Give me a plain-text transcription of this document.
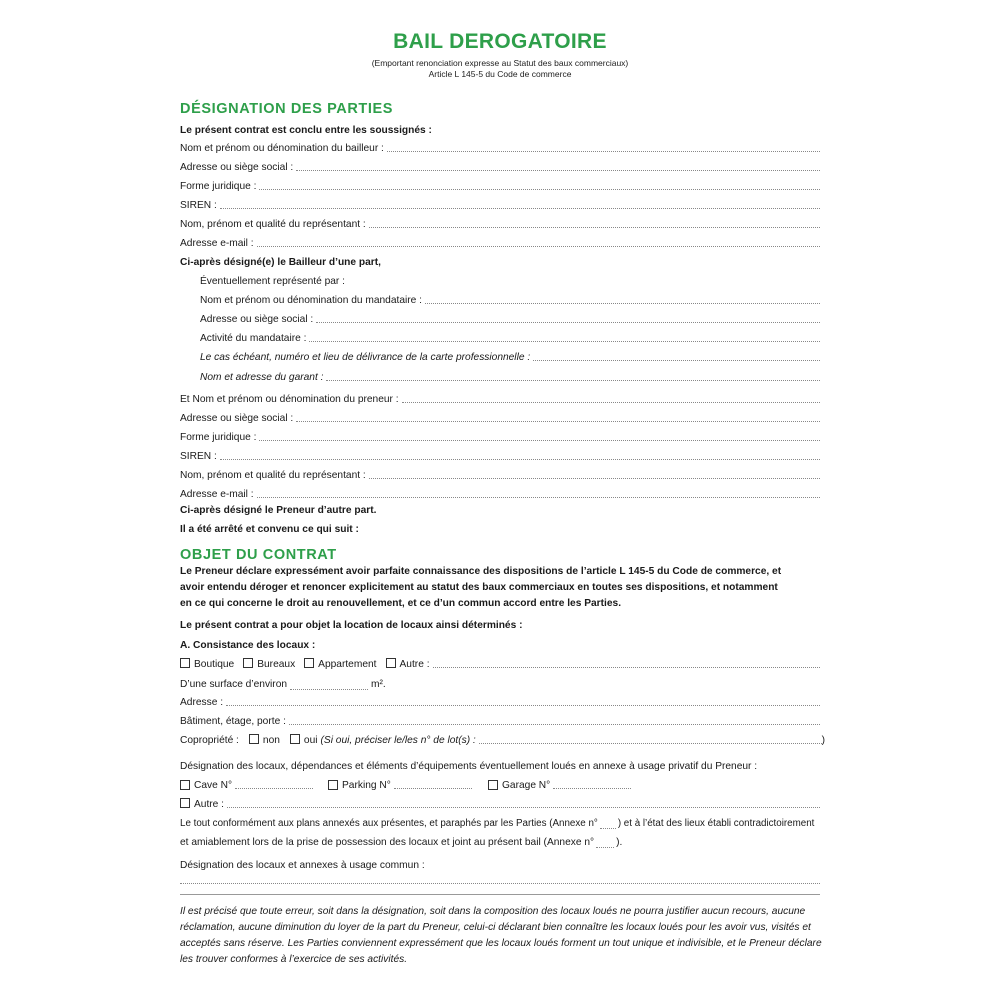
BAIL DEROGATOIRE
(Emportant renonciation expresse au Statut des baux commerciaux)
Article L 145-5 du Code de commerce
DÉSIGNATION DES PARTIES
Le présent contrat est conclu entre les soussignés :
Nom et prénom ou dénomination du bailleur :
Adresse ou siège social :
Forme juridique :
SIREN :
Nom, prénom et qualité du représentant :
Adresse e-mail :
Ci-après désigné(e) le Bailleur d’une part,
Éventuellement représenté par :
Nom et prénom ou dénomination du mandataire :
Adresse ou siège social :
Activité du mandataire :
Le cas échéant, numéro et lieu de délivrance de la carte professionnelle :
Nom et adresse du garant :
Et Nom et prénom ou dénomination du preneur :
Adresse ou siège social :
Forme juridique :
SIREN :
Nom, prénom et qualité du représentant :
Adresse e-mail :
Ci-après désigné le Preneur d’autre part.
Il a été arrêté et convenu ce qui suit :
OBJET DU CONTRAT
Le Preneur déclare expressément avoir parfaite connaissance des dispositions de l’article L 145-5 du Code de commerce, et
avoir entendu déroger et renoncer explicitement au statut des baux commerciaux en toutes ses dispositions, et notamment
en ce qui concerne le droit au renouvellement, et ce d’un commun accord entre les Parties.
Le présent contrat a pour objet la location de locaux ainsi déterminés :
A. Consistance des locaux :
Boutique	Bureaux	Appartement	Autre :
D’une surface d’environ	m².
Adresse :
Bâtiment, étage, porte :
Copropriété :	non	oui (Si oui, préciser le/les n° de lot(s) :	)
Désignation des locaux, dépendances et éléments d’équipements éventuellement loués en annexe à usage privatif du Preneur :
Cave N°	Parking N°	Garage N°
Autre :
Le tout conformément aux plans annexés aux présentes, et paraphés par les Parties (Annexe n° ) et à l’état des lieux établi contradictoirement
et amiablement lors de la prise de possession des locaux et joint au présent bail (Annexe n° ).
Désignation des locaux et annexes à usage commun :
Il est précisé que toute erreur, soit dans la désignation, soit dans la composition des locaux loués ne pourra justifier aucun recours, aucune
réclamation, aucune diminution du loyer de la part du Preneur, celui-ci déclarant bien connaître les locaux loués pour les avoir vus, visités et
acceptés sans réserve. Les Parties conviennent expressément que les locaux loués forment un tout unique et indivisible, et le Preneur déclare
les trouver conformes à l’exercice de ses activités.
